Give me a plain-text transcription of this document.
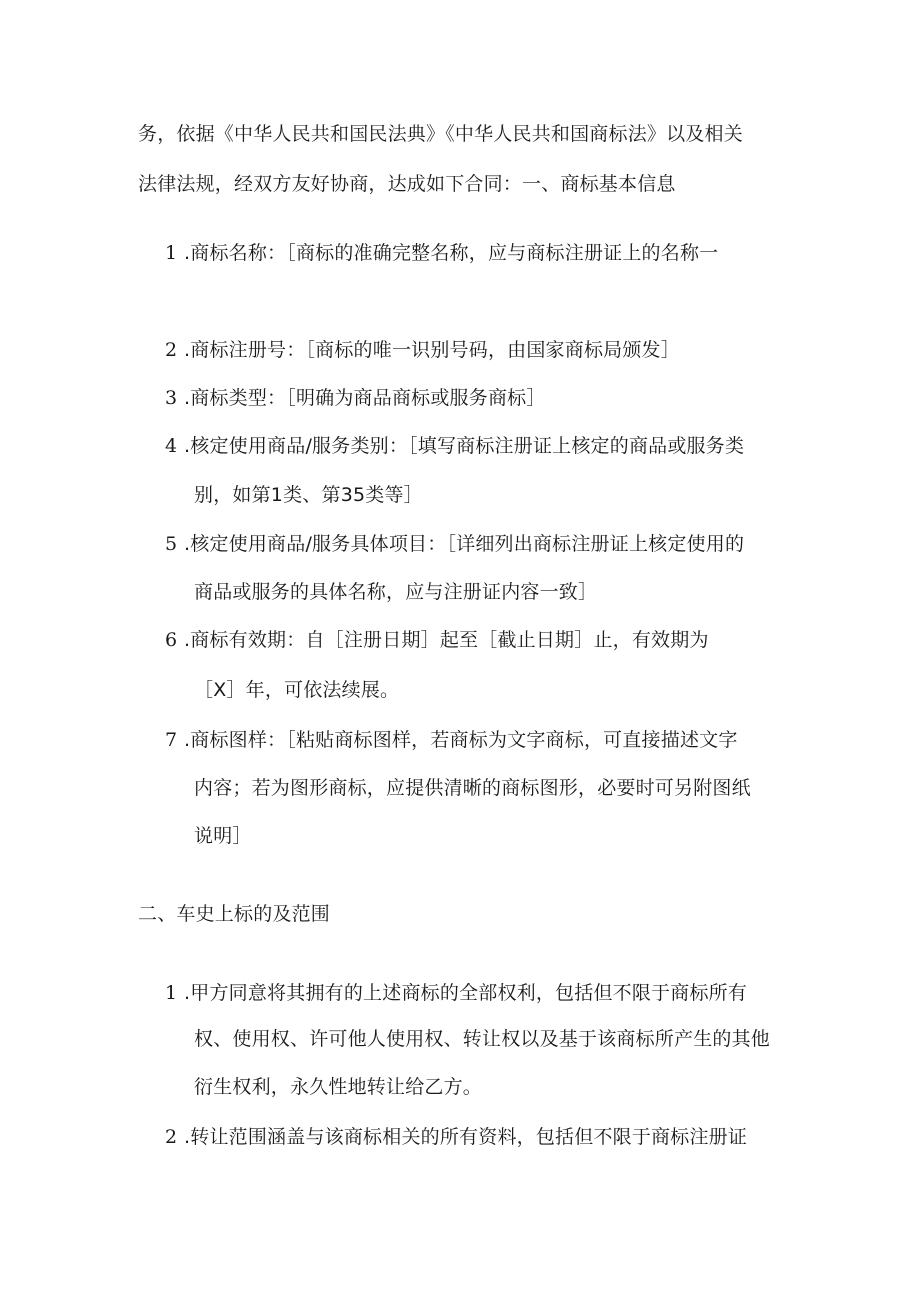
务，依据《中华人民共和国民法典》《中华人民共和国商标法》以及相关
法律法规，经双方友好协商，达成如下合同：一、商标基本信息
1 .商标名称：［商标的准确完整名称，应与商标注册证上的名称一
2 .商标注册号：［商标的唯一识别号码，由国家商标局颁发］
3 .商标类型：［明确为商品商标或服务商标］
4 .核定使用商品/服务类别：［填写商标注册证上核定的商品或服务类
别，如第1类、第35类等］
5 .核定使用商品/服务具体项目：［详细列出商标注册证上核定使用的
商品或服务的具体名称，应与注册证内容一致］
6 .商标有效期：自［注册日期］起至［截止日期］止，有效期为
［X］年，可依法续展。
7 .商标图样：［粘贴商标图样，若商标为文字商标，可直接描述文字
内容；若为图形商标，应提供清晰的商标图形，必要时可另附图纸
说明］
二、车史上标的及范围
1 .甲方同意将其拥有的上述商标的全部权利，包括但不限于商标所有
权、使用权、许可他人使用权、转让权以及基于该商标所产生的其他
衍生权利，永久性地转让给乙方。
2 .转让范围涵盖与该商标相关的所有资料，包括但不限于商标注册证
